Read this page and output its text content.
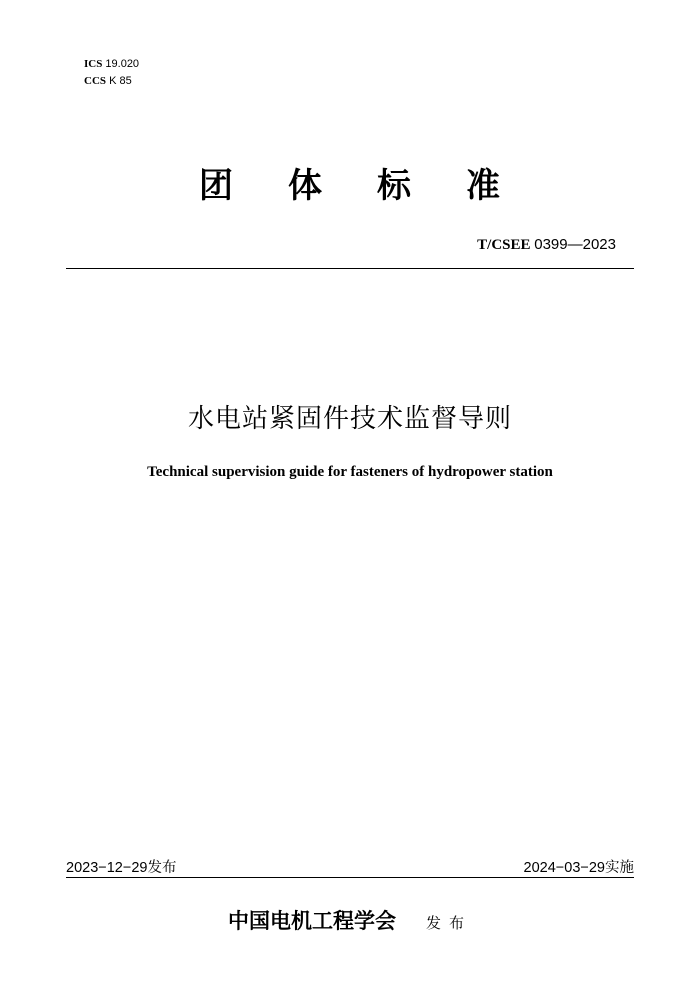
ICS 19.020
CCS K 85
团 体 标 准
T/CSEE 0399—2023
水电站紧固件技术监督导则
Technical supervision guide for fasteners of hydropower station
2023−12−29发布	2024−03−29实施
中国电机工程学会 发布
